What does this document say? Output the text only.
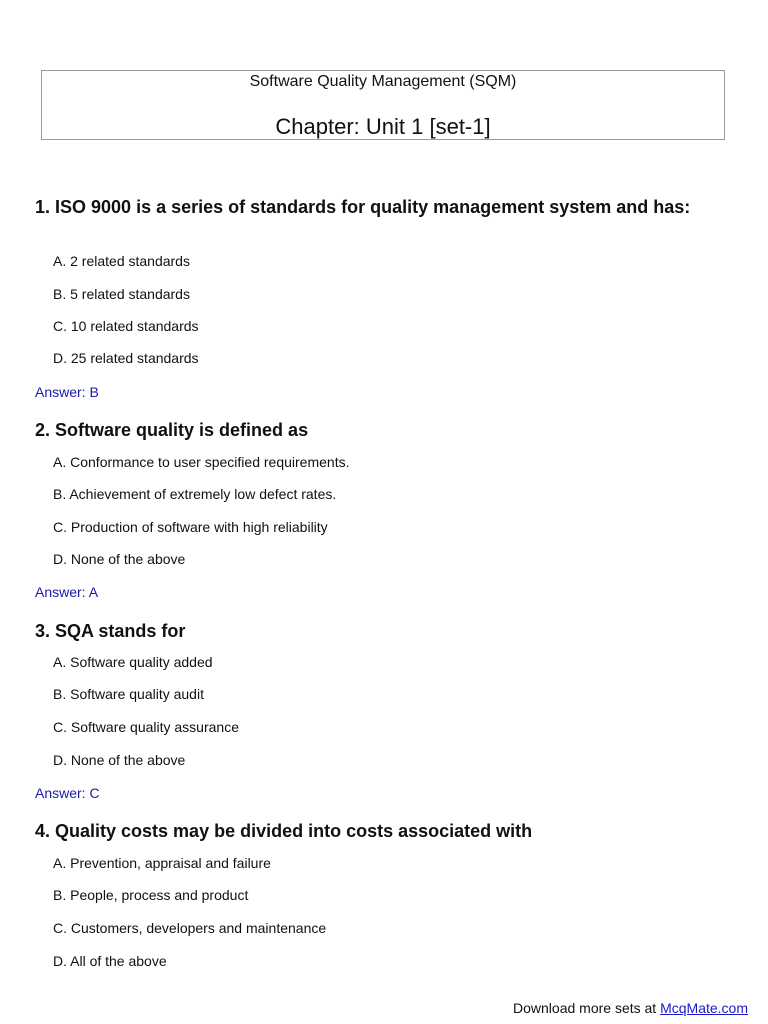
Software Quality Management (SQM)
Chapter: Unit 1 [set-1]

1. ISO 9000 is a series of standards for quality management system and has:

A. 2 related standards
B. 5 related standards
C. 10 related standards
D. 25 related standards
Answer: B

2. Software quality is defined as

A. Conformance to user specified requirements.
B. Achievement of extremely low defect rates.
C. Production of software with high reliability
D. None of the above
Answer: A

3. SQA stands for

A. Software quality added
B. Software quality audit
C. Software quality assurance
D. None of the above
Answer: C

4. Quality costs may be divided into costs associated with

A. Prevention, appraisal and failure
B. People, process and product
C. Customers, developers and maintenance
D. All of the above
Download more sets at McqMate.com
